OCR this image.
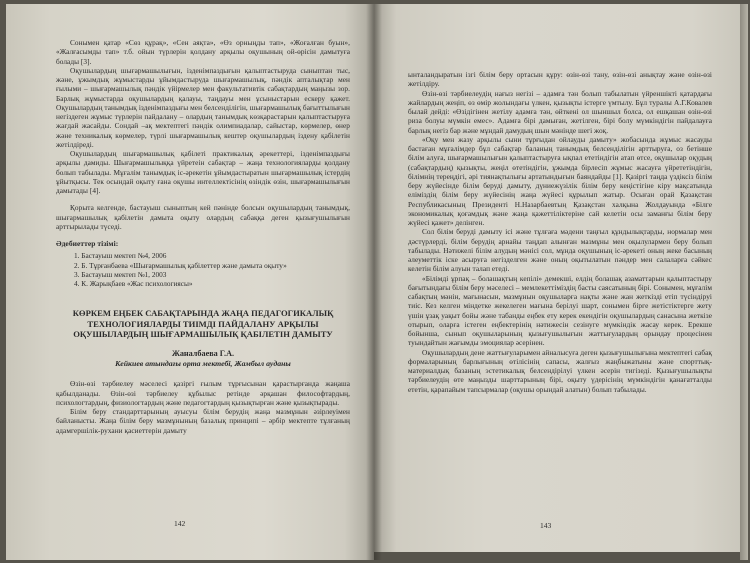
Сонымен қатар «Сөз құрақ», «Сен аяқта», «Өз орныңды тап», «Жоғалған буын», «Жалғасымды тап» т.б. ойын түрлерін қолдану арқылы оқушының ой-өрісін дамытуға болады [3].

Оқушылардың шығармашылығын, ізденімпаздығын қалыптастыруда сыныптан тыс, және, ұжымдық жұмыстарды ұйымдастыруда шығармашылық, пәндік апталықтар мен ғылыми – шығармашылық пәндік үйірмелер мен факультативтік сабақтардың маңызы зор. Барлық жұмыстарда оқушылардың қалауы, таңдауы мен ұсыныстарын ескеру қажет. Оқушылардың танымдық ізденімпаздығы мен белсенділігін, шығармашылық бағыттылығын негіздеген жұмыс түрлерін пайдалану – олардың танымдық көзқарастарын қалыптастыруға жағдай жасайды. Сондай –ақ мектептегі пәндік олимпиадалар, сайыстар, көрмелер, өнер және техникалық көрмелер, түрлі шығармашылық кештер оқушылардың іздену қабілетін жетілдіреді.

Оқушылардың шығармашылық қабілеті практикалық әрекеттері, ізденімпаздығы арқылы дамиды. Шығармашылыққа үйретеін сабақтар – жаңа технологияларды қолдану болып табылады. Мұғалім танымдық іс-әрекетін ұйымдастыратын шығармашылық істердің ұйытқысы. Тек осындай оқыту ғана оқушы интеллектісінің өзіндік өзін, шығармашылығын дамытады [4].

Қорыта келгенде, бастауыш сыныптың кей пәнінде болсын оқушылардың танымдық, шығармашылық қабілетін дамыта оқыту олардың сабаққа деген қызығушылығын арттырылады түседі.

Әдебиеттер тізімі:

1. Бастауыш мектеп №4, 2006
2. Б. Тұрғанбаева «Шығармашылық қабілеттер және дамыта оқыту»
3. Бастауыш мектеп №1, 2003
4. К. Жарықбаев «Жас психологиясы»
КӨРКЕМ ЕҢБЕК САБАҚТАРЫНДА ЖАҢА ПЕДАГОГИКАЛЫҚ ТЕХНОЛОГИЯЛАРДЫ ТИІМДІ ПАЙДАЛАНУ АРҚЫЛЫ ОҚУШЫЛАРДЫҢ ШЫҒАРМАШЫЛЫҚ ҚАБІЛЕТІН ДАМЫТУ
Жаналбаева Г.А.
Кейкиев атындағы орта мектебі, Жамбыл ауданы

Өзін-өзі тәрбиелеу мәселесі қазіргі ғылым тұрғысынан қарастырғанда жаңаша қабылданады. Өзін-өзі тәрбиелеу құбылыс ретінде әрқашан философтардың, психологтардың, физиологтардың және педагогтардың қызықтырған және қызықтырады.

Білім беру стандарттарының ауысуы білім берудің жаңа мазмұнын әзірлеуімен байланысты. Жаңа білім беру мазмұнының базалық принципі – әрбір мектепте тұлғаның адамгершілік-рухани қасиеттерін дамыту

142

ынталандыратын ізгі білім беру ортасын құру: өзін-өзі тану, өзін-өзі анықтау және өзін-өзі жетілдіру.

Өзін-өзі тәрбиелеудің нағыз негізі – адамға тән болып табылатын үйреншікті қатардағы жайлардың жеңіп, өз өмір жолындағы үлкен, қызықты істерге үмтылу. Бұл туралы А.Г.Ковалев былай дейді: «Өзідігінен жетілу адамға тән, өйткені ол шыншыл болса, ол ешқашан өзін-өзі риза болуы мүмкін емес». Адамға бірі дамыған, жетілген, бірі болу мүмкіндігін пайдалауға барлық негіз бар және мұндай дамудың шын мәнінде шегі жоқ.

«Оқу мен жазу арқылы сыни тұрғыдан ойлауды дамыту» жобасында жұмыс жасауды бастаған мұғалімдер бұл сабақтар баланың танымдық белсенділігін арттыруға, оз бетінше білім алуға, шығармашылығын қалыптастыруға ықпал ететіндігін атап өтсе, оқушылар оқудың (сабақтардың) қызықты, жеңіл өтетіндігін, ұжымда бірлесіп жұмыс жасауға үйрететіндігін, білімнің тереңдігі, әрі тиянақтылығы артатындығын баяндайды [1]. Қазіргі таңда үздіксіз білім беру жүйесінде білім беруді дамыту, дүниежүзілік білім беру кеңістігіне кіру мақсатында еліміздің білім беру жүйесінің жаңа жүйесі құрылып жатыр. Осыған орай Қазақстан Республикасының Президенті Н.Назарбаевтың Қазақстан халқына Жолдауында «Білге экономикалық қоғамдық және жаңа қажеттіліктеріне сай келетін осы заманғы білім беру жүйесі қажет» делінген.

Сол білім беруді дамыту ісі және тұлғаға мәдени таңғыл құндылықтарды, нормалар мен дәстүрлерді, білім берудің арнайы таңдап алынған мазмұны мен оқылулармен беру болып табылады. Нәтижелі білім алудың мәнісі сол, мұнда оқушының іс-әрекеті оның жеке басының әлеуметтік іске асыруға негізделген және оның оқытылатын пәндер мен салаларға сәйкес келетін білім алуын талап етеді.

«Білімді ұрпақ – болашақтың кепілі» демекші, елдің болашақ азаматтарын қалыптастыру бағытындағы білім беру мәселесі – мемлекеттіміздің басты саясатының бірі. Сонымен, мұғалім сабақтың мәнін, мағынасын, мазмұнын оқушыларға нақты және жан жеткізді етіп түсіндіруі тиіс. Кез келген міндетке жекелеген мағына берілуі шарт, сонымен бірге жетістіктерге жету үшін ұзақ уақыт бойы және табанды еңбек ету керек екендігін оқушылардың санасына жеткізе отырып, оларға істеген еңбектерінің нәтижесін сезінуге мүмкіндік жасау керек. Ерекше бойынша, сынып оқушыларының қызығушылығын жаттығулардың орындау процесінен туындайтын жағымды эмоциялар әсерінен.

Оқушылардың дене жаттығуларымен айналысуға деген қызығушылығына мектептегі сабақ формаларының барлығының өтілісінің сапасы, жалғыз жаңбыжатыны және спорттық-материалдық базаның эстетикалық белсендірілуі үлкен әсерін тигізеді. Қызығушылықты тәрбиелеудің өте маңызды шарттарының бірі, оқыту үдерісінің мүмкіндігін қанағатталды ететін, қарапайым тапсырмалар (оқушы орындай алатын) болып табылады.

143
